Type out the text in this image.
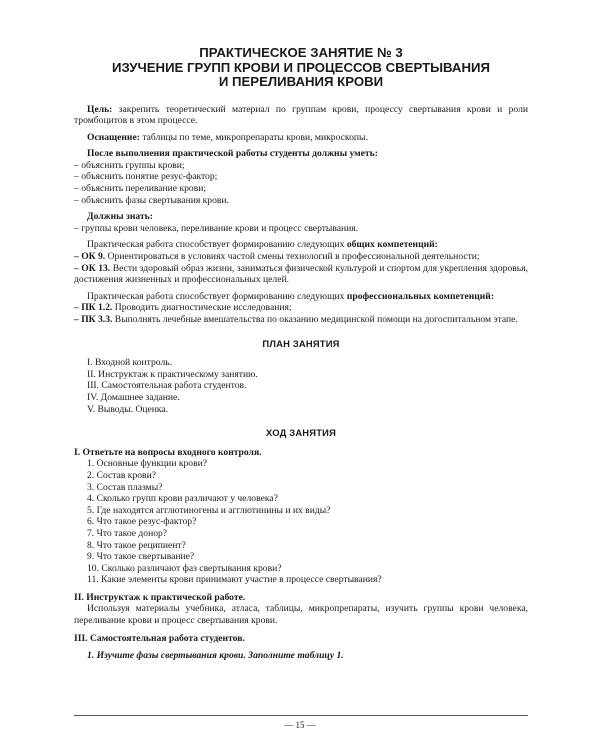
ПРАКТИЧЕСКОЕ ЗАНЯТИЕ № 3
ИЗУЧЕНИЕ ГРУПП КРОВИ И ПРОЦЕССОВ СВЕРТЫВАНИЯ
И ПЕРЕЛИВАНИЯ КРОВИ

Цель: закрепить теоретический материал по группам крови, процессу свертывания крови и роли тромбоцитов в этом процессе.

Оснащение: таблицы по теме, микропрепараты крови, микроскопы.

После выполнения практической работы студенты должны уметь:

– объяснить группы крови;

– объяснить понятие резус-фактор;

– объяснить переливание крови;

– объяснить фазы свертывания крови.

Должны знать:

– группы крови человека, переливание крови и процесс свертывания.

Практическая работа способствует формированию следующих общих компетенций:

– ОК 9. Ориентироваться в условиях частой смены технологий в профессиональной деятельности;

– ОК 13. Вести здоровый образ жизни, заниматься физической культурой и спортом для укрепления здоровья, достижения жизненных и профессиональных целей.

Практическая работа способствует формированию следующих профессиональных компетенций:

– ПК 1.2. Проводить диагностические исследования;

– ПК 3.3. Выполнять лечебные вмешательства по оказанию медицинской помощи на догоспитальном этапе.

ПЛАН ЗАНЯТИЯ
I. Входной контроль.
II. Инструктаж к практическому занятию.
III. Самостоятельная работа студентов.
IV. Домашнее задание.
V. Выводы. Оценка.
ХОД ЗАНЯТИЯ

I. Ответьте на вопросы входного контроля.

1. Основные функции крови?
2. Состав крови?
3. Состав плазмы?
4. Сколько групп крови различают у человека?
5. Где находятся агглютиногены и агглютинины и их виды?
6. Что такое резус-фактор?
7. Что такое донор?
8. Что такое реципиент?
9. Что такое свертывание?
10. Сколько различают фаз свертывания крови?
11. Какие элементы крови принимают участие в процессе свертывания?

II. Инструктаж к практической работе.

Используя материалы учебника, атласа, таблицы, микропрепараты, изучить группы крови человека, переливание крови и процесс свертывания крови.

III. Самостоятельная работа студентов.

1. Изучите фазы свертывания крови. Заполните таблицу 1.

— 15 —
